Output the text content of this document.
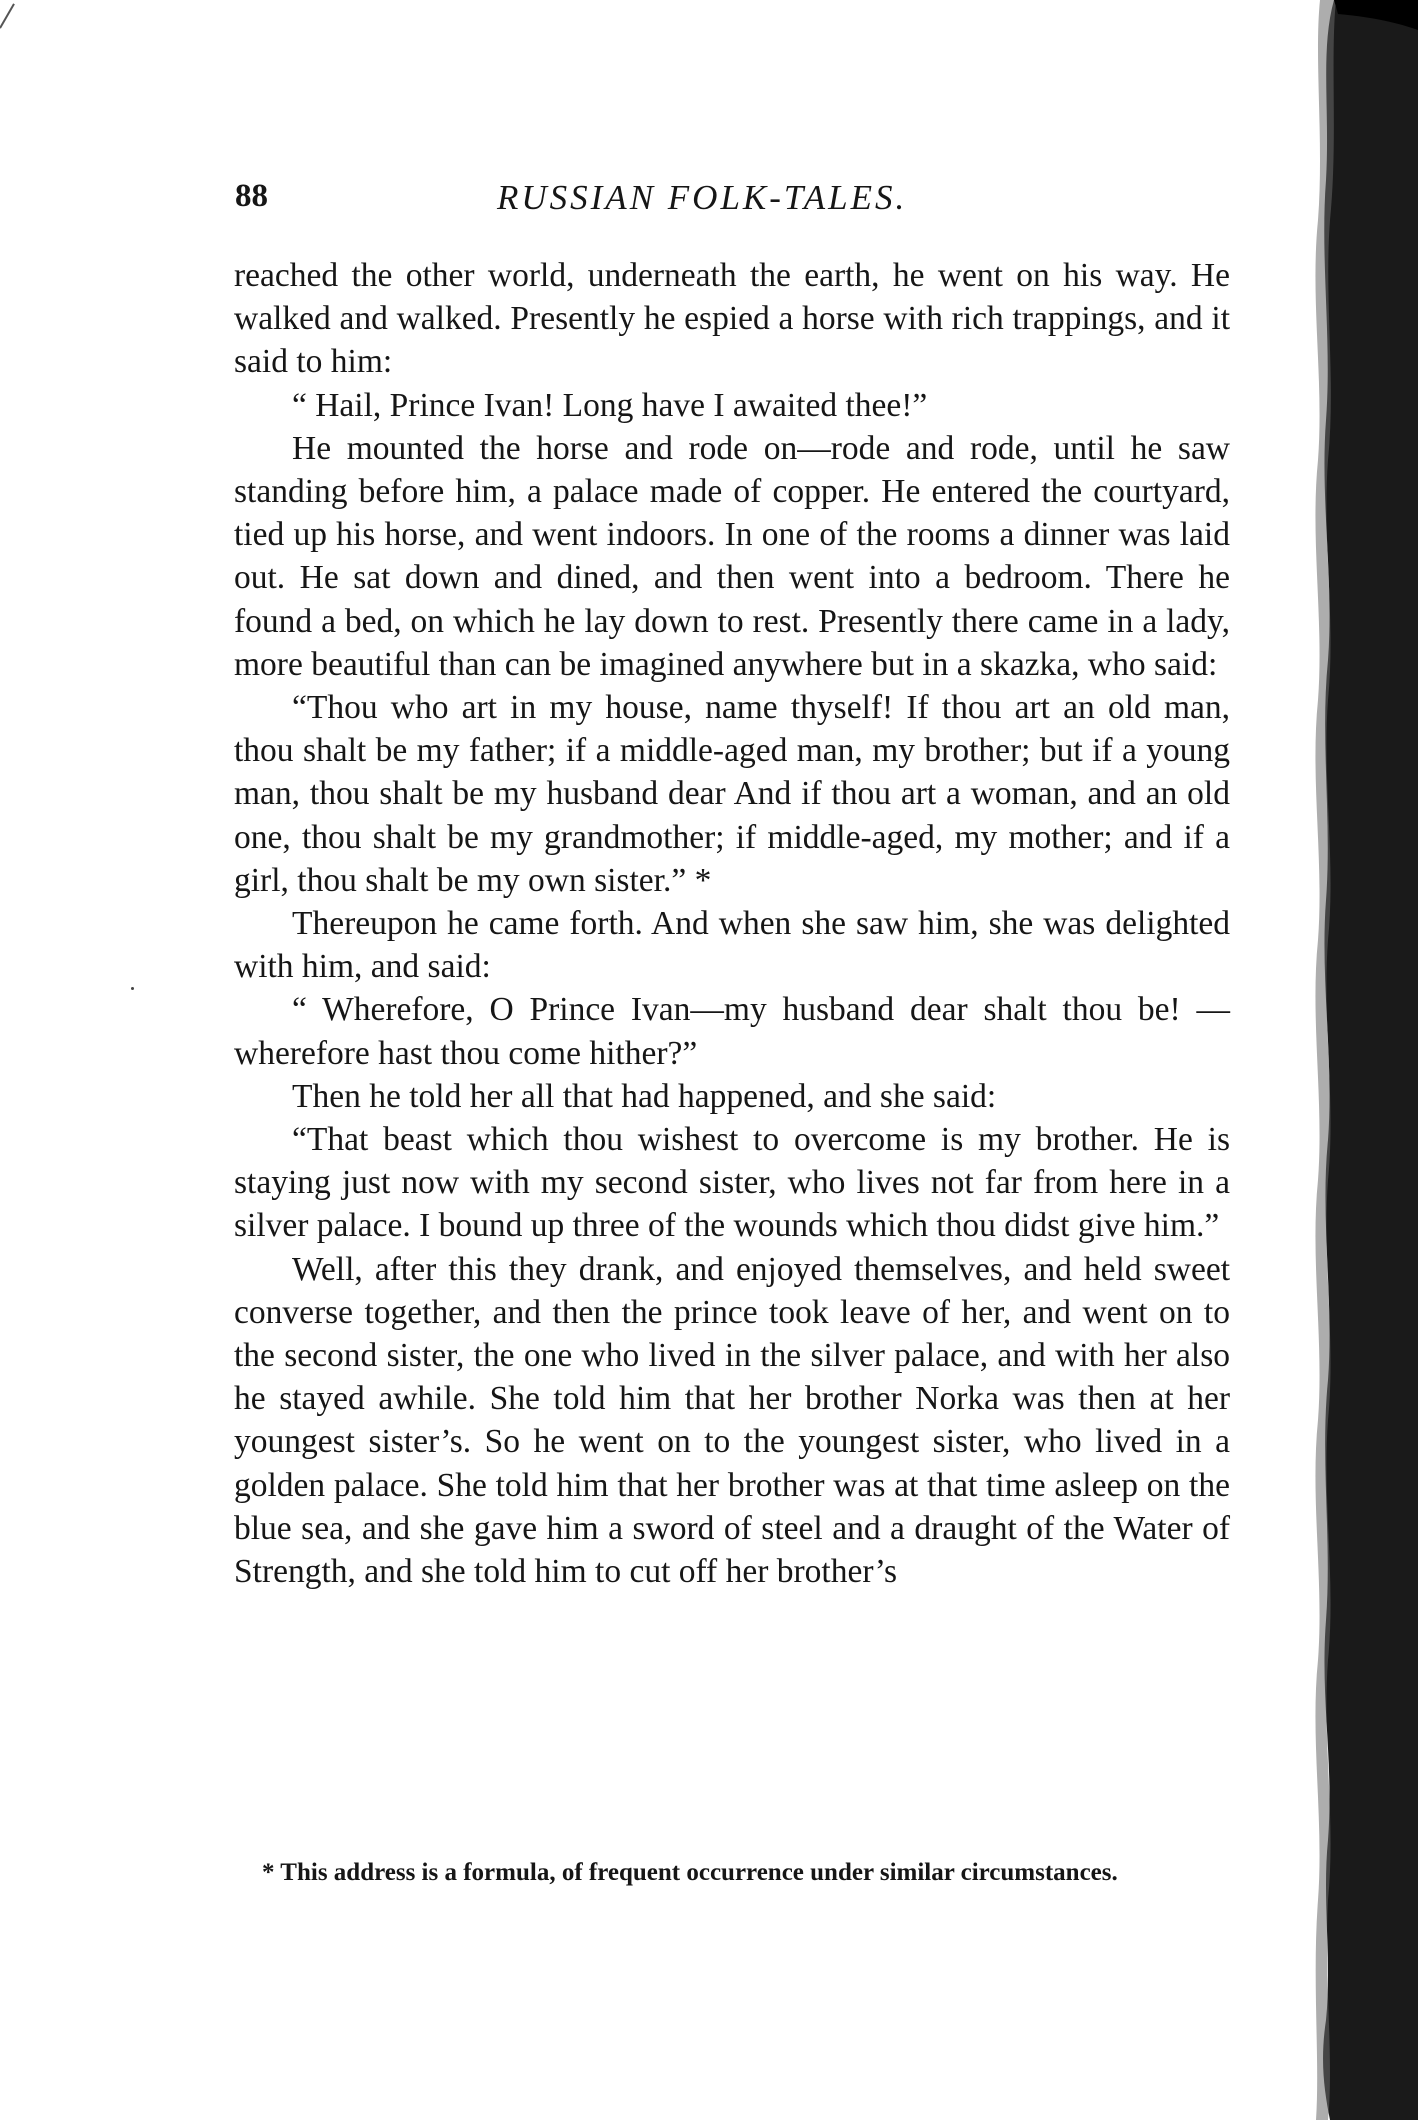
88	RUSSIAN FOLK-TALES.

reached the other world, underneath the earth, he went on his way. He walked and walked. Presently he espied a horse with rich trappings, and it said to him:

“ Hail, Prince Ivan! Long have I awaited thee!”

He mounted the horse and rode on—rode and rode, until he saw standing before him, a palace made of copper. He entered the courtyard, tied up his horse, and went indoors. In one of the rooms a dinner was laid out. He sat down and dined, and then went into a bedroom. There he found a bed, on which he lay down to rest. Presently there came in a lady, more beautiful than can be imagined anywhere but in a skazka, who said:

“Thou who art in my house, name thyself! If thou art an old man, thou shalt be my father; if a middle-aged man, my brother; but if a young man, thou shalt be my husband dear And if thou art a woman, and an old one, thou shalt be my grandmother; if middle-aged, my mother; and if a girl, thou shalt be my own sister.” *

Thereupon he came forth. And when she saw him, she was delighted with him, and said:

“ Wherefore, O Prince Ivan—my husband dear shalt thou be! —wherefore hast thou come hither?”

Then he told her all that had happened, and she said:

“That beast which thou wishest to overcome is my brother. He is staying just now with my second sister, who lives not far from here in a silver palace. I bound up three of the wounds which thou didst give him.”

Well, after this they drank, and enjoyed themselves, and held sweet converse together, and then the prince took leave of her, and went on to the second sister, the one who lived in the silver palace, and with her also he stayed awhile. She told him that her brother Norka was then at her youngest sister’s. So he went on to the youngest sister, who lived in a golden palace. She told him that her brother was at that time asleep on the blue sea, and she gave him a sword of steel and a draught of the Water of Strength, and she told him to cut off her brother’s

* This address is a formula, of frequent occurrence under similar circumstances.
